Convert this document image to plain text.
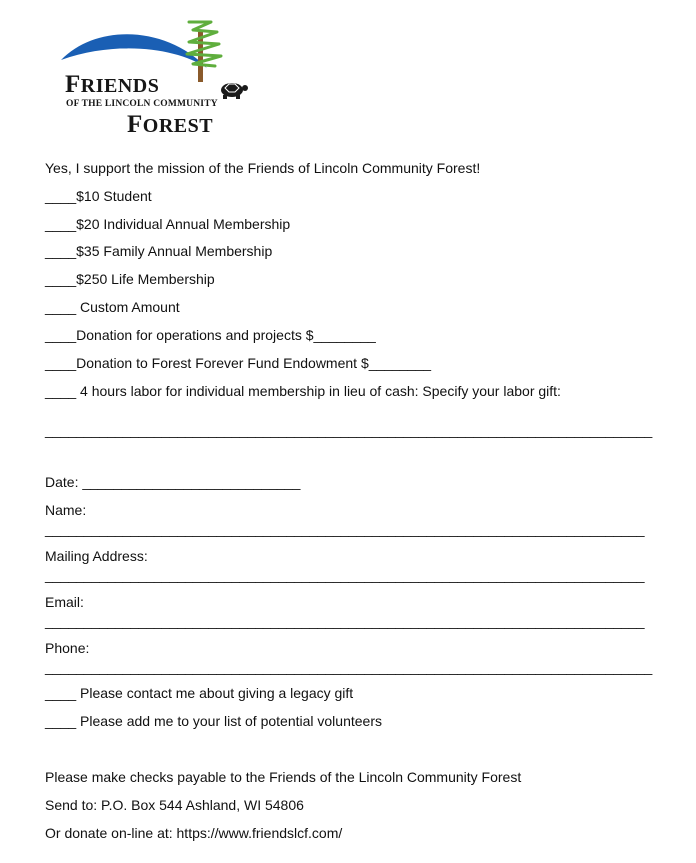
FRIENDS
OF THE LINCOLN COMMUNITY
FOREST
Yes, I support the mission of the Friends of Lincoln Community Forest!
____$10 Student
____$20 Individual Annual Membership
____$35 Family Annual Membership
____$250 Life Membership
____ Custom Amount
____Donation for operations and projects $________
____Donation to Forest Forever Fund Endowment $________
____ 4 hours labor for individual membership in lieu of cash: Specify your labor gift:
______________________________________________________________________________
Date: ____________________________
Name:
_____________________________________________________________________________
Mailing Address:
_____________________________________________________________________________
Email:
_____________________________________________________________________________
Phone:
______________________________________________________________________________
____ Please contact me about giving a legacy gift
____ Please add me to your list of potential volunteers
Please make checks payable to the Friends of the Lincoln Community Forest
Send to: P.O. Box 544 Ashland, WI 54806
Or donate on-line at: https://www.friendslcf.com/
